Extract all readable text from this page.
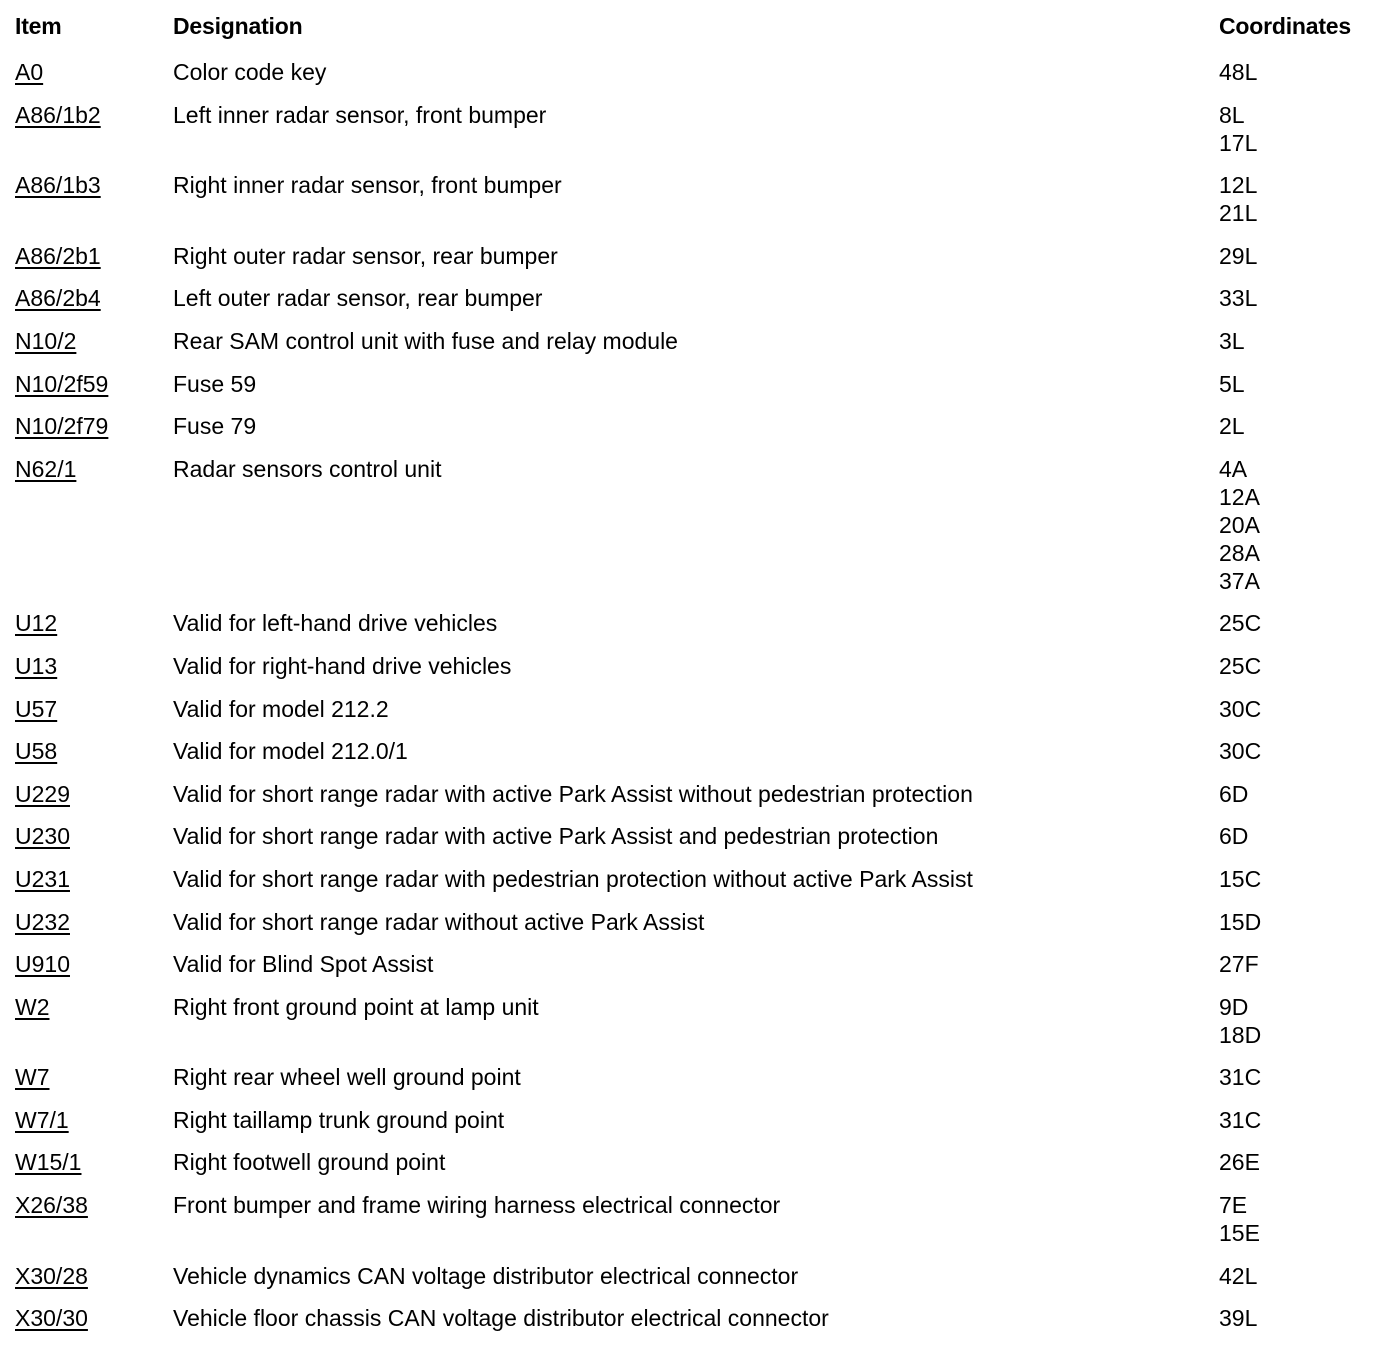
Item	Designation	Coordinates
A0	Color code key	48L
A86/1b2	Left inner radar sensor, front bumper	8L
17L
A86/1b3	Right inner radar sensor, front bumper	12L
21L
A86/2b1	Right outer radar sensor, rear bumper	29L
A86/2b4	Left outer radar sensor, rear bumper	33L
N10/2	Rear SAM control unit with fuse and relay module	3L
N10/2f59	Fuse 59	5L
N10/2f79	Fuse 79	2L
N62/1	Radar sensors control unit	4A
12A
20A
28A
37A
U12	Valid for left-hand drive vehicles	25C
U13	Valid for right-hand drive vehicles	25C
U57	Valid for model 212.2	30C
U58	Valid for model 212.0/1	30C
U229	Valid for short range radar with active Park Assist without pedestrian protection	6D
U230	Valid for short range radar with active Park Assist and pedestrian protection	6D
U231	Valid for short range radar with pedestrian protection without active Park Assist	15C
U232	Valid for short range radar without active Park Assist	15D
U910	Valid for Blind Spot Assist	27F
W2	Right front ground point at lamp unit	9D
18D
W7	Right rear wheel well ground point	31C
W7/1	Right taillamp trunk ground point	31C
W15/1	Right footwell ground point	26E
X26/38	Front bumper and frame wiring harness electrical connector	7E
15E
X30/28	Vehicle dynamics CAN voltage distributor electrical connector	42L
X30/30	Vehicle floor chassis CAN voltage distributor electrical connector	39L
